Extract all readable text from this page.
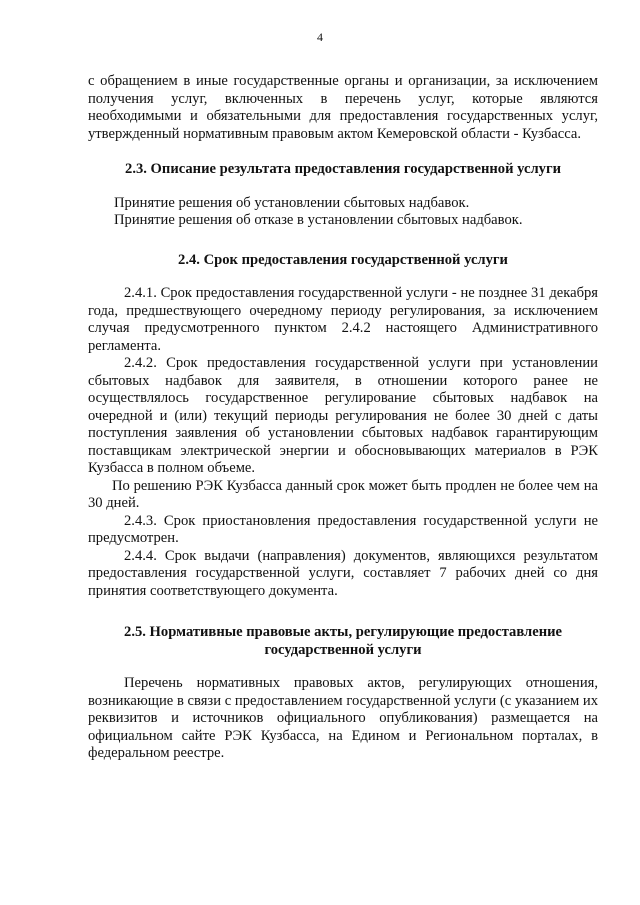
4

с обращением в иные государственные органы и организации, за исключением получения услуг, включенных в перечень услуг, которые являются необходимыми и обязательными для предоставления государственных услуг, утвержденный нормативным правовым актом Кемеровской области - Кузбасса.

2.3. Описание результата предоставления государственной услуги

Принятие решения об установлении сбытовых надбавок.

Принятие решения об отказе в установлении сбытовых надбавок.

2.4. Срок предоставления государственной услуги

2.4.1. Срок предоставления государственной услуги - не позднее 31 декабря года, предшествующего очередному периоду регулирования, за исключением случая предусмотренного пунктом 2.4.2 настоящего Административного регламента.

2.4.2. Срок предоставления государственной услуги при установлении сбытовых надбавок для заявителя, в отношении которого ранее не осуществлялось государственное регулирование сбытовых надбавок на очередной и (или) текущий периоды регулирования не более 30 дней с даты поступления заявления об установлении сбытовых надбавок гарантирующим поставщикам электрической энергии и обосновывающих материалов в РЭК Кузбасса в полном объеме.

По решению РЭК Кузбасса данный срок может быть продлен не более чем на 30 дней.

2.4.3. Срок приостановления предоставления государственной услуги не предусмотрен.

2.4.4. Срок выдачи (направления) документов, являющихся результатом предоставления государственной услуги, составляет 7 рабочих дней со дня принятия соответствующего документа.

2.5. Нормативные правовые акты, регулирующие предоставление
государственной услуги

Перечень нормативных правовых актов, регулирующих отношения, возникающие в связи с предоставлением государственной услуги (с указанием их реквизитов и источников официального опубликования) размещается на официальном сайте РЭК Кузбасса, на Едином и Региональном порталах, в федеральном реестре.
